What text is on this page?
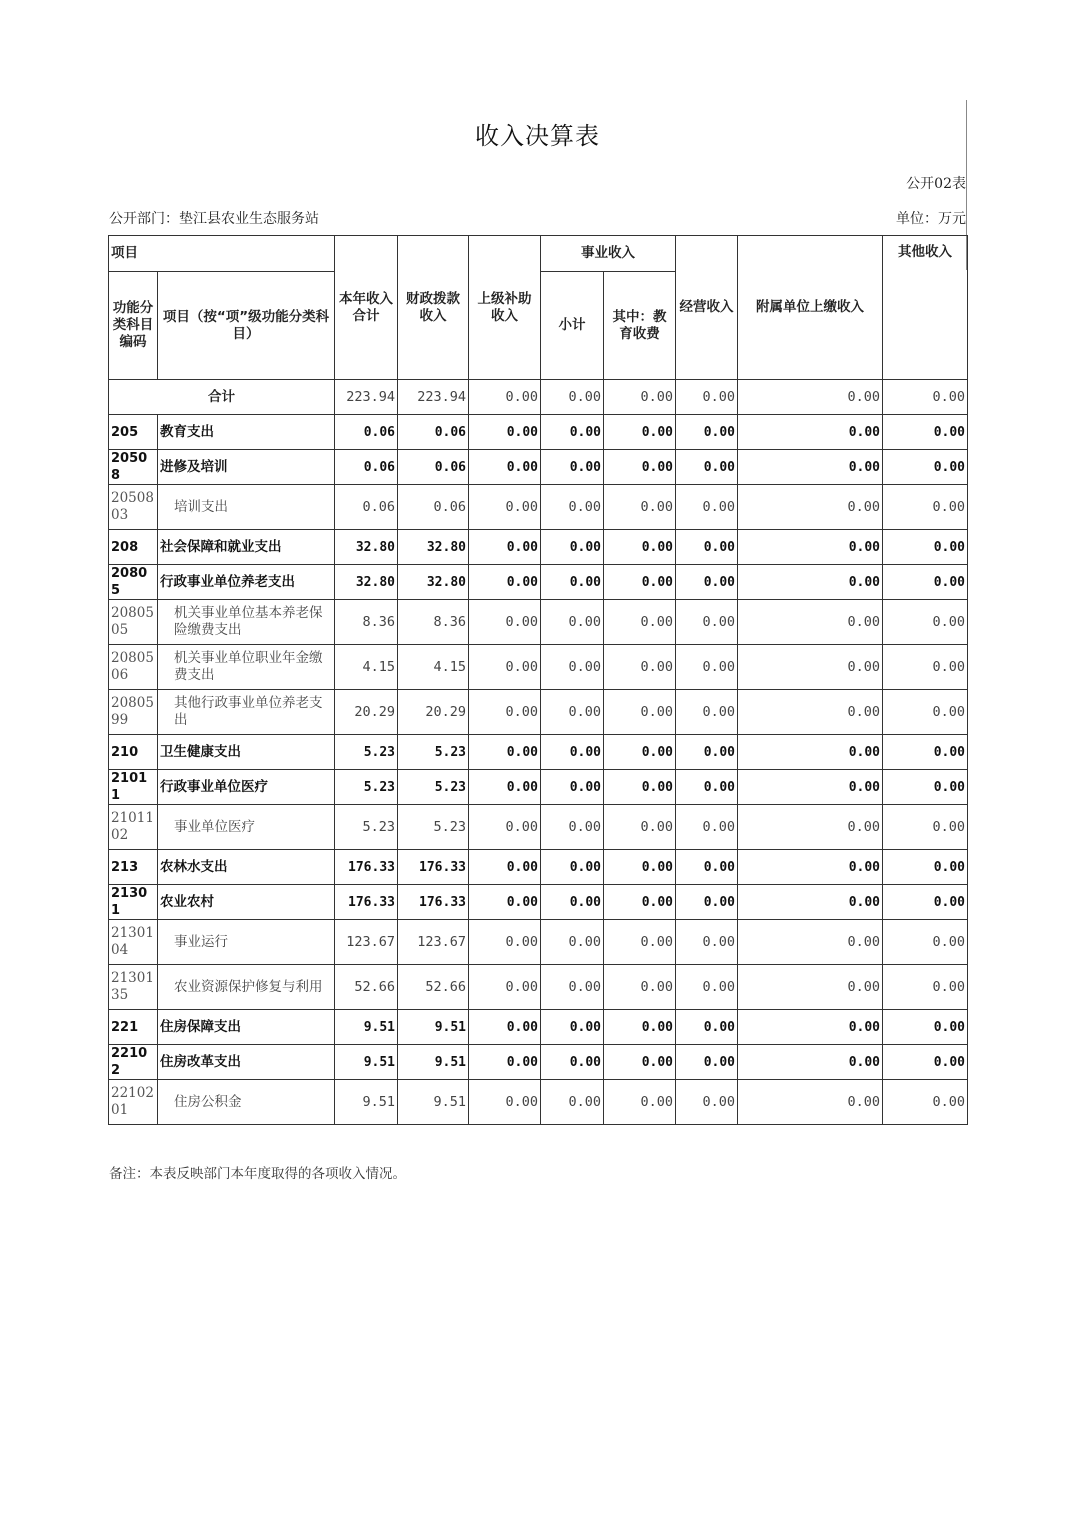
收入决算表
公开02表
公开部门：垫江县农业生态服务站	单位：万元
项目		本年收入合计	财政拨款收入	上级补助收入	事业收入		经营收入	附属单位上缴收入	其他收入
功能分类科目编码	项目（按“项”级功能分类科目）				小计	其中：教育收费			
合计		223.94	223.94	0.00	0.00	0.00	0.00	0.00	0.00
205	教育支出	0.06	0.06	0.00	0.00	0.00	0.00	0.00	0.00
20508	进修及培训	0.06	0.06	0.00	0.00	0.00	0.00	0.00	0.00
2050803	培训支出	0.06	0.06	0.00	0.00	0.00	0.00	0.00	0.00
208	社会保障和就业支出	32.80	32.80	0.00	0.00	0.00	0.00	0.00	0.00
20805	行政事业单位养老支出	32.80	32.80	0.00	0.00	0.00	0.00	0.00	0.00
2080505	机关事业单位基本养老保险缴费支出	8.36	8.36	0.00	0.00	0.00	0.00	0.00	0.00
2080506	机关事业单位职业年金缴费支出	4.15	4.15	0.00	0.00	0.00	0.00	0.00	0.00
2080599	其他行政事业单位养老支出	20.29	20.29	0.00	0.00	0.00	0.00	0.00	0.00
210	卫生健康支出	5.23	5.23	0.00	0.00	0.00	0.00	0.00	0.00
21011	行政事业单位医疗	5.23	5.23	0.00	0.00	0.00	0.00	0.00	0.00
2101102	事业单位医疗	5.23	5.23	0.00	0.00	0.00	0.00	0.00	0.00
213	农林水支出	176.33	176.33	0.00	0.00	0.00	0.00	0.00	0.00
21301	农业农村	176.33	176.33	0.00	0.00	0.00	0.00	0.00	0.00
2130104	事业运行	123.67	123.67	0.00	0.00	0.00	0.00	0.00	0.00
2130135	农业资源保护修复与利用	52.66	52.66	0.00	0.00	0.00	0.00	0.00	0.00
221	住房保障支出	9.51	9.51	0.00	0.00	0.00	0.00	0.00	0.00
22102	住房改革支出	9.51	9.51	0.00	0.00	0.00	0.00	0.00	0.00
2210201	住房公积金	9.51	9.51	0.00	0.00	0.00	0.00	0.00	0.00
备注：本表反映部门本年度取得的各项收入情况。
